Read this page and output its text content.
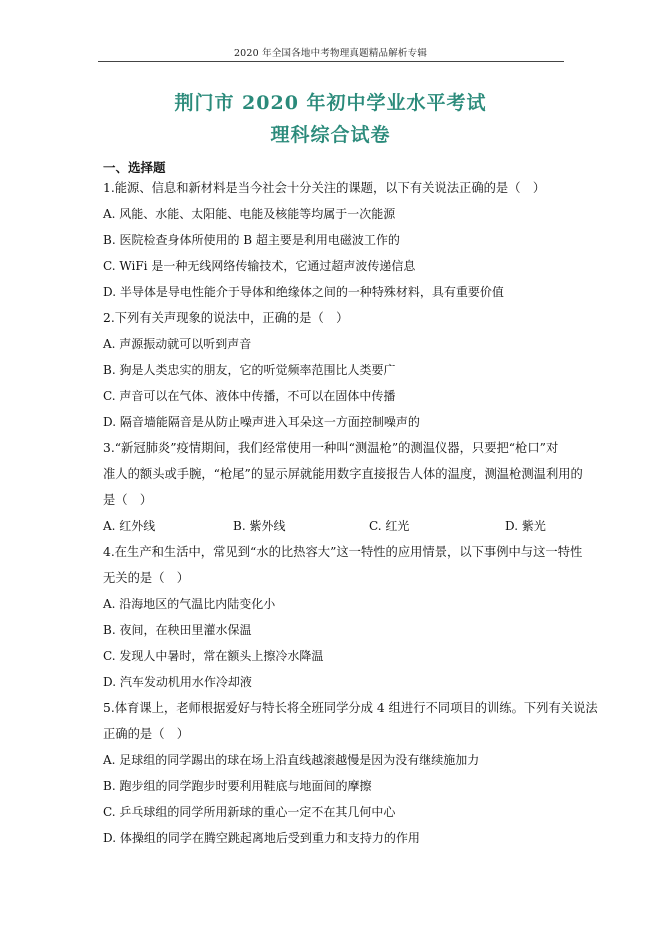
2020 年全国各地中考物理真题精品解析专辑
荆门市 2020 年初中学业水平考试
理科综合试卷
一、选择题
1.能源、信息和新材料是当今社会十分关注的课题，以下有关说法正确的是（　）
A. 风能、水能、太阳能、电能及核能等均属于一次能源
B. 医院检查身体所使用的 B 超主要是利用电磁波工作的
C. WiFi 是一种无线网络传输技术，它通过超声波传递信息
D. 半导体是导电性能介于导体和绝缘体之间的一种特殊材料，具有重要价值
2.下列有关声现象的说法中，正确的是（　）
A. 声源振动就可以听到声音
B. 狗是人类忠实的朋友，它的听觉频率范围比人类要广
C. 声音可以在气体、液体中传播，不可以在固体中传播
D. 隔音墙能隔音是从防止噪声进入耳朵这一方面控制噪声的
3.“新冠肺炎”疫情期间，我们经常使用一种叫“测温枪”的测温仪器，只要把“枪口”对
准人的额头或手腕，“枪尾”的显示屏就能用数字直接报告人体的温度，测温枪测温利用的
是（　）
A. 红外线	B. 紫外线	C. 红光	D. 紫光
4.在生产和生活中，常见到“水的比热容大”这一特性的应用情景，以下事例中与这一特性
无关的是（　）
A. 沿海地区的气温比内陆变化小
B. 夜间，在秧田里灌水保温
C. 发现人中暑时，常在额头上擦冷水降温
D. 汽车发动机用水作冷却液
5.体育课上，老师根据爱好与特长将全班同学分成 4 组进行不同项目的训练。下列有关说法
正确的是（　）
A. 足球组的同学踢出的球在场上沿直线越滚越慢是因为没有继续施加力
B. 跑步组的同学跑步时要利用鞋底与地面间的摩擦
C. 乒乓球组的同学所用新球的重心一定不在其几何中心
D. 体操组的同学在腾空跳起离地后受到重力和支持力的作用
